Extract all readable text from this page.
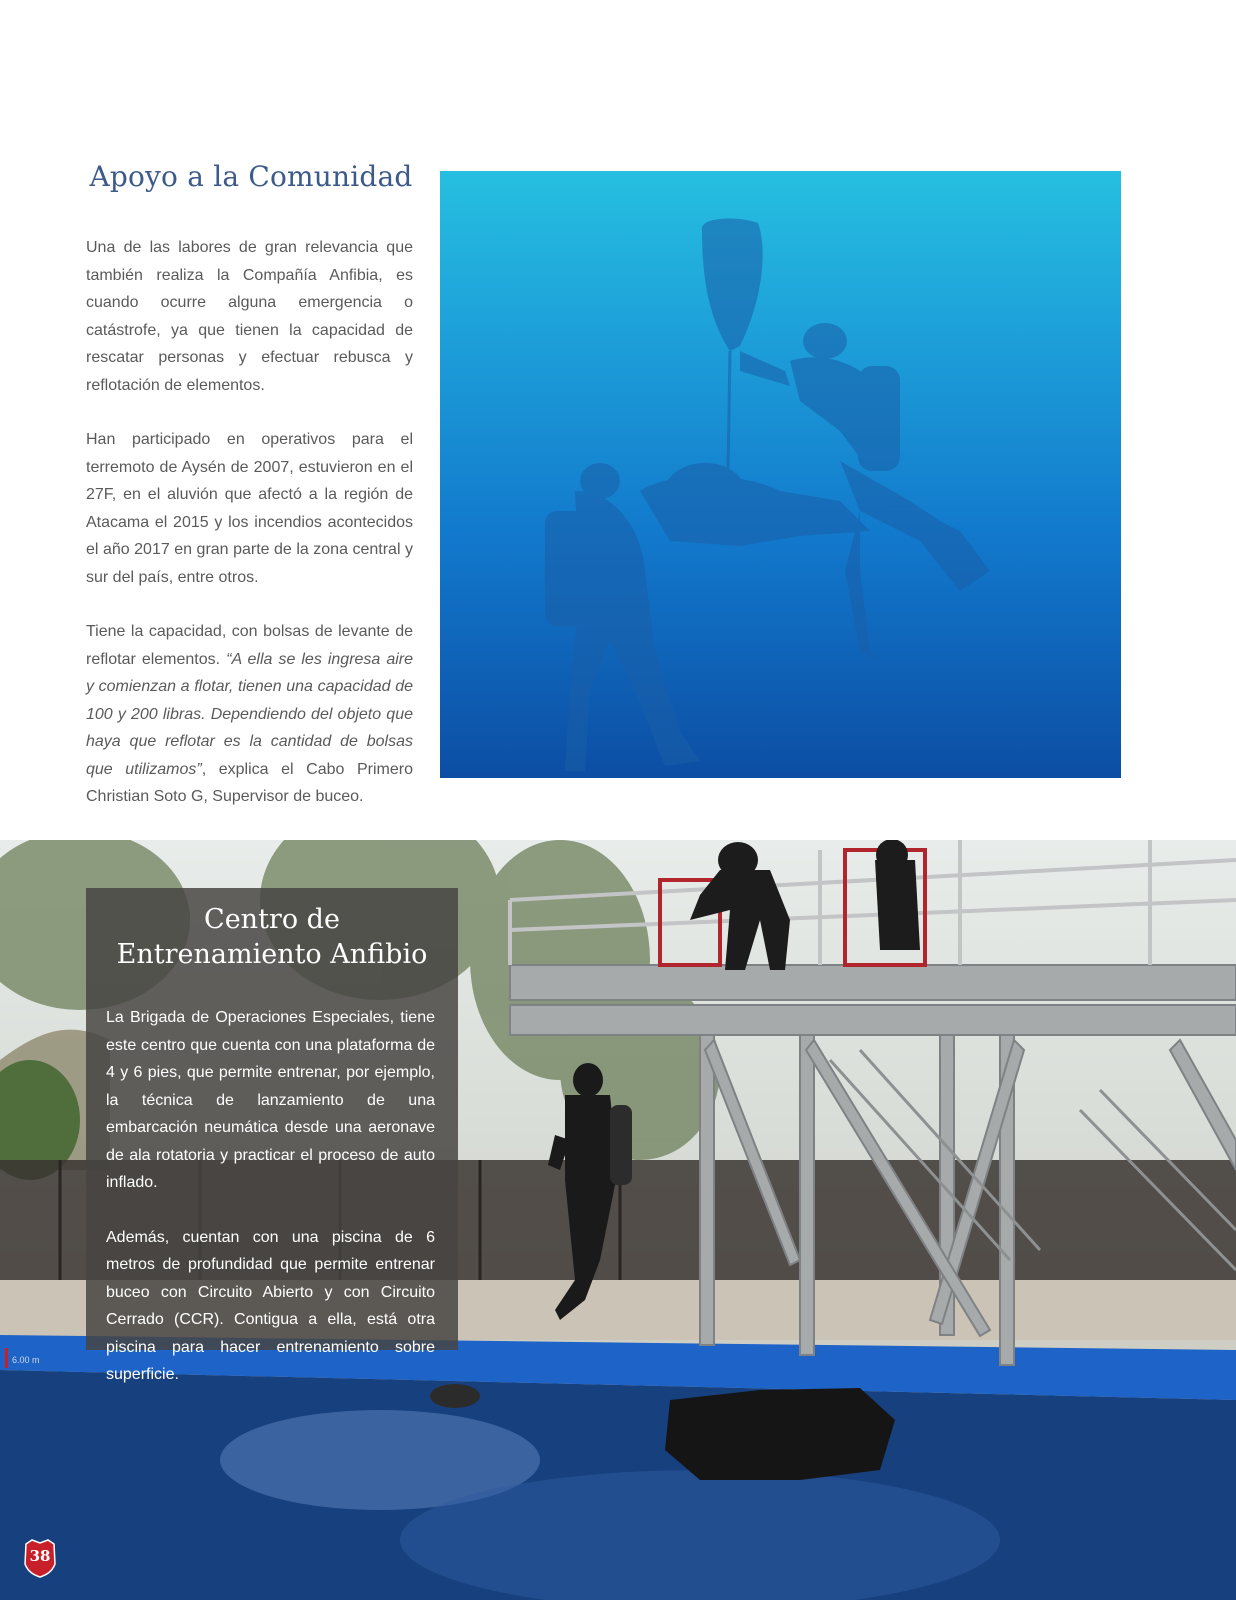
Apoyo a la Comunidad

Una de las labores de gran relevancia que también realiza la Compañía Anfibia, es cuando ocurre alguna emergencia o catástrofe, ya que tienen la capacidad de rescatar personas y efectuar rebusca y reflotación de elementos.

Han participado en operativos para el terremoto de Aysén de 2007, estuvieron en el 27F, en el aluvión que afectó a la región de Atacama el 2015 y los incendios acontecidos el año 2017 en gran parte de la zona central y sur del país, entre otros.

Tiene la capacidad, con bolsas de levante de reflotar elementos. “A ella se les ingresa aire y comienzan a flotar, tienen una capacidad de 100 y 200 libras. Dependiendo del objeto que haya que reflotar es la cantidad de bolsas que utilizamos”, explica el Cabo Primero Christian Soto G, Supervisor de buceo.

6.00 m
Centro de
Entrenamiento Anfibio

La Brigada de Operaciones Especiales, tiene este centro que cuenta con una plataforma de 4 y 6 pies, que permite entrenar, por ejemplo, la técnica de lanzamiento de una embarcación neumática desde una aeronave de ala rotatoria y practicar el proceso de auto inflado.

Además, cuentan con una piscina de 6 metros de profundidad que permite entrenar buceo con Circuito Abierto y con Circuito Cerrado (CCR). Contigua a ella, está otra piscina para hacer entrenamiento sobre superficie.

38
